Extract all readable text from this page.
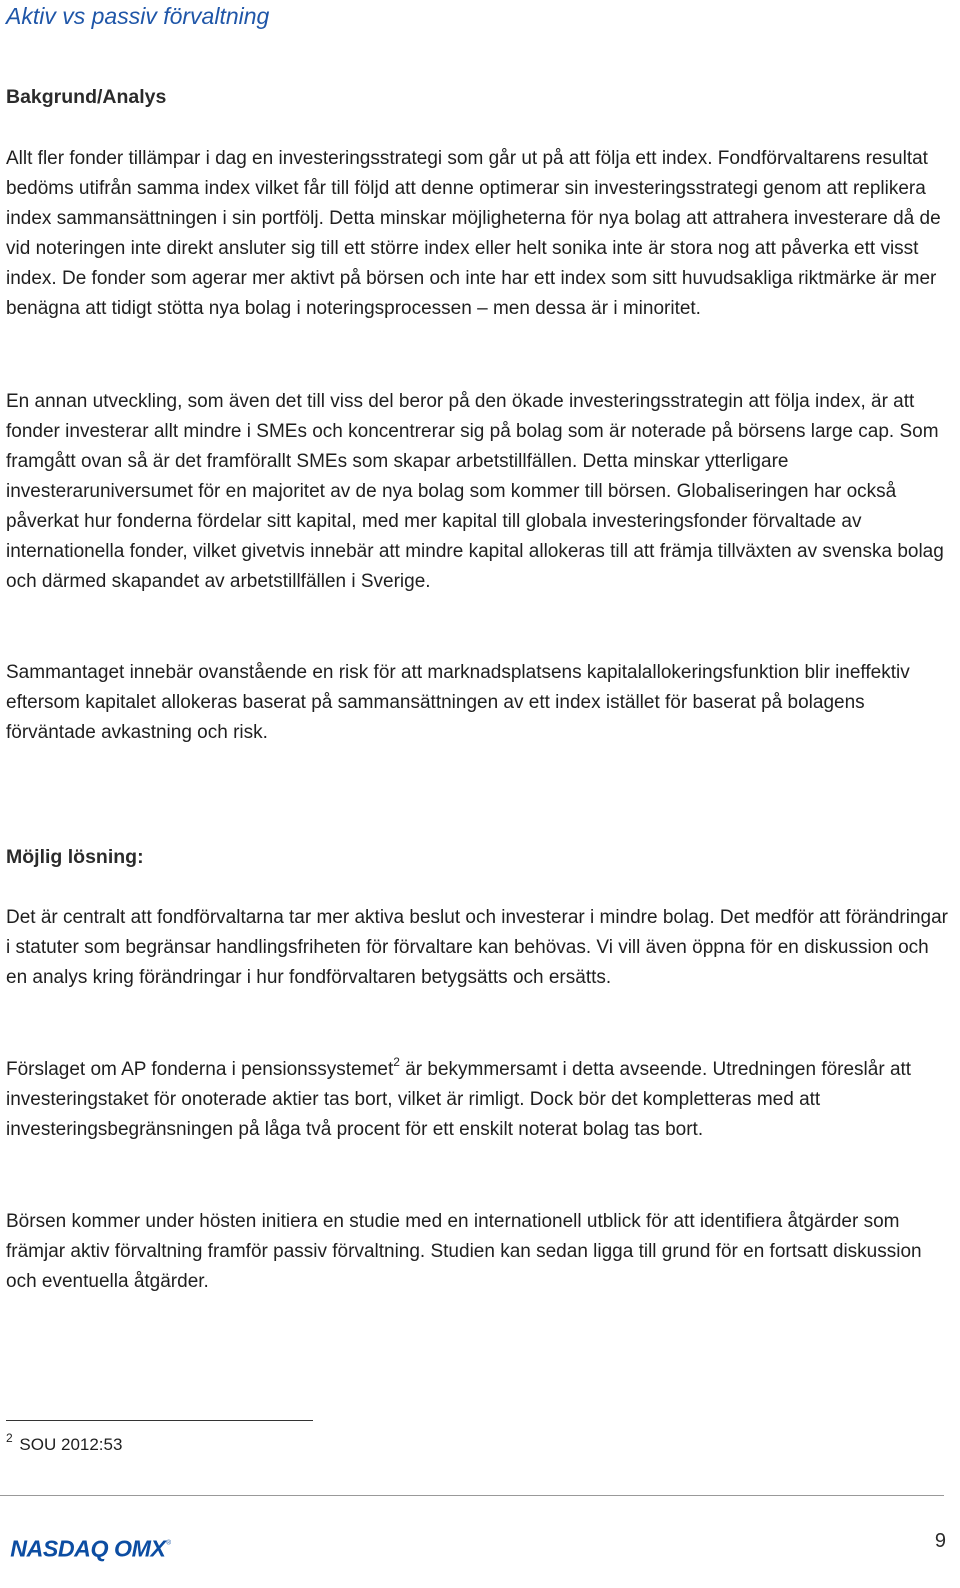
Aktiv vs passiv förvaltning
Bakgrund/Analys
Allt fler fonder tillämpar i dag en investeringsstrategi som går ut på att följa ett index. Fondförvaltarens resultat bedöms utifrån samma index vilket får till följd att denne optimerar sin investeringsstrategi genom att replikera index sammansättningen i sin portfölj. Detta minskar möjligheterna för nya bolag att attrahera investerare då de vid noteringen inte direkt ansluter sig till ett större index eller helt sonika inte är stora nog att påverka ett visst index. De fonder som agerar mer aktivt på börsen och inte har ett index som sitt huvudsakliga riktmärke är mer benägna att tidigt stötta nya bolag i noteringsprocessen – men dessa är i minoritet.
En annan utveckling, som även det till viss del beror på den ökade investeringsstrategin att följa index, är att fonder investerar allt mindre i SMEs och koncentrerar sig på bolag som är noterade på börsens large cap. Som framgått ovan så är det framförallt SMEs som skapar arbetstillfällen. Detta minskar ytterligare investeraruniversumet för en majoritet av de nya bolag som kommer till börsen. Globaliseringen har också påverkat hur fonderna fördelar sitt kapital, med mer kapital till globala investeringsfonder förvaltade av internationella fonder, vilket givetvis innebär att mindre kapital allokeras till att främja tillväxten av svenska bolag och därmed skapandet av arbetstillfällen i Sverige.
Sammantaget innebär ovanstående en risk för att marknadsplatsens kapitalallokeringsfunktion blir ineffektiv eftersom kapitalet allokeras baserat på sammansättningen av ett index istället för baserat på bolagens förväntade avkastning och risk.
Möjlig lösning:
Det är centralt att fondförvaltarna tar mer aktiva beslut och investerar i mindre bolag. Det medför att förändringar i statuter som begränsar handlingsfriheten för förvaltare kan behövas. Vi vill även öppna för en diskussion och en analys kring förändringar i hur fondförvaltaren betygsätts och ersätts.
Förslaget om AP fonderna i pensionssystemet$^2$ är bekymmersamt i detta avseende. Utredningen föreslår att investeringstaket för onoterade aktier tas bort, vilket är rimligt. Dock bör det kompletteras med att investeringsbegränsningen på låga två procent för ett enskilt noterat bolag tas bort.
Börsen kommer under hösten initiera en studie med en internationell utblick för att identifiera åtgärder som främjar aktiv förvaltning framför passiv förvaltning. Studien kan sedan ligga till grund för en fortsatt diskussion och eventuella åtgärder.
$^2$ SOU 2012:53
NASDAQ OMX ®	9
